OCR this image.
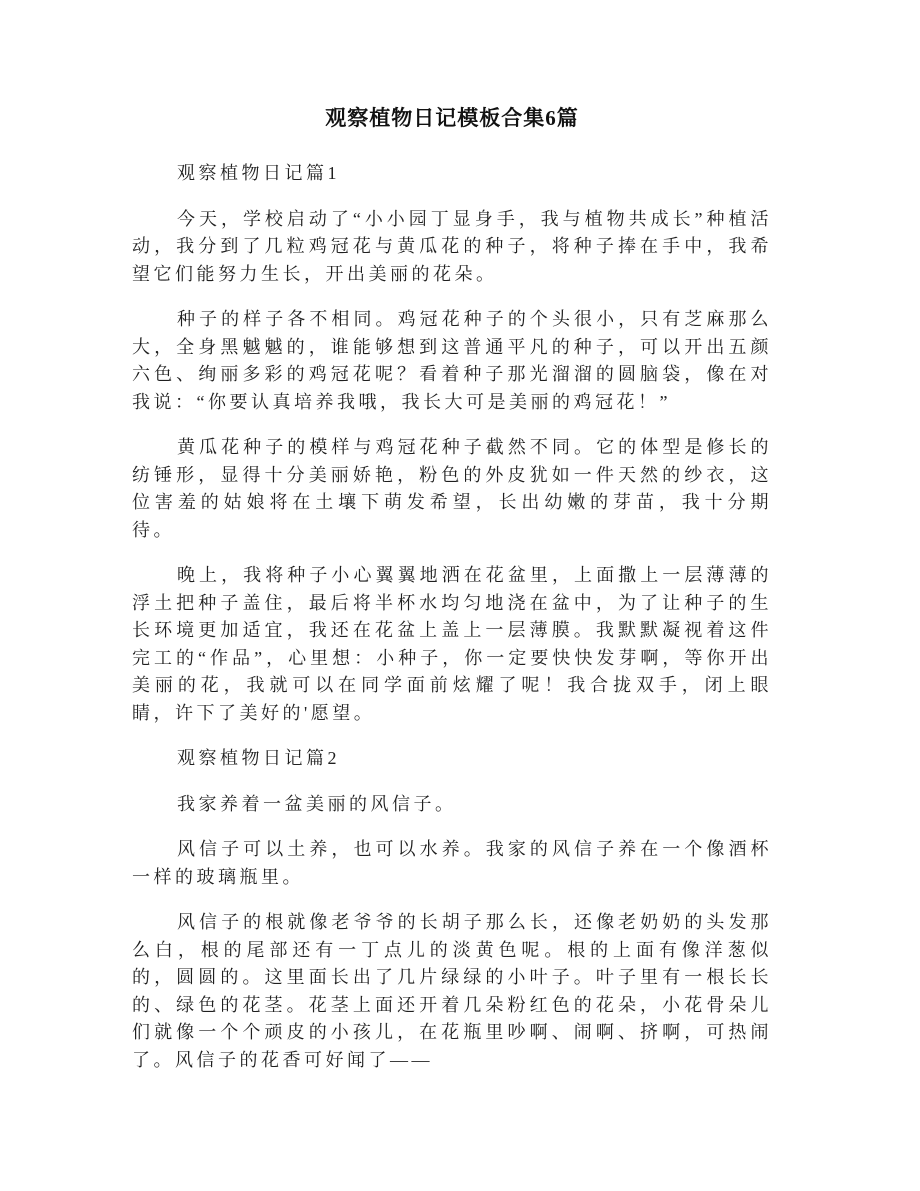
观察植物日记模板合集6篇

观察植物日记篇1

今天，学校启动了“小小园丁显身手，我与植物共成长”种植活动，我分到了几粒鸡冠花与黄瓜花的种子，将种子捧在手中，我希望它们能努力生长，开出美丽的花朵。

种子的样子各不相同。鸡冠花种子的个头很小，只有芝麻那么大，全身黑魆魆的，谁能够想到这普通平凡的种子，可以开出五颜六色、绚丽多彩的鸡冠花呢？看着种子那光溜溜的圆脑袋，像在对我说：“你要认真培养我哦，我长大可是美丽的鸡冠花！”

黄瓜花种子的模样与鸡冠花种子截然不同。它的体型是修长的纺锤形，显得十分美丽娇艳，粉色的外皮犹如一件天然的纱衣，这位害羞的姑娘将在土壤下萌发希望，长出幼嫩的芽苗，我十分期待。

晚上，我将种子小心翼翼地洒在花盆里，上面撒上一层薄薄的浮土把种子盖住，最后将半杯水均匀地浇在盆中，为了让种子的生长环境更加适宜，我还在花盆上盖上一层薄膜。我默默凝视着这件完工的“作品”，心里想：小种子，你一定要快快发芽啊，等你开出美丽的花，我就可以在同学面前炫耀了呢！我合拢双手，闭上眼睛，许下了美好的'愿望。

观察植物日记篇2

我家养着一盆美丽的风信子。

风信子可以土养，也可以水养。我家的风信子养在一个像酒杯一样的玻璃瓶里。

风信子的根就像老爷爷的长胡子那么长，还像老奶奶的头发那么白，根的尾部还有一丁点儿的淡黄色呢。根的上面有像洋葱似的，圆圆的。这里面长出了几片绿绿的小叶子。叶子里有一根长长的、绿色的花茎。花茎上面还开着几朵粉红色的花朵，小花骨朵儿们就像一个个顽皮的小孩儿，在花瓶里吵啊、闹啊、挤啊，可热闹了。风信子的花香可好闻了——
